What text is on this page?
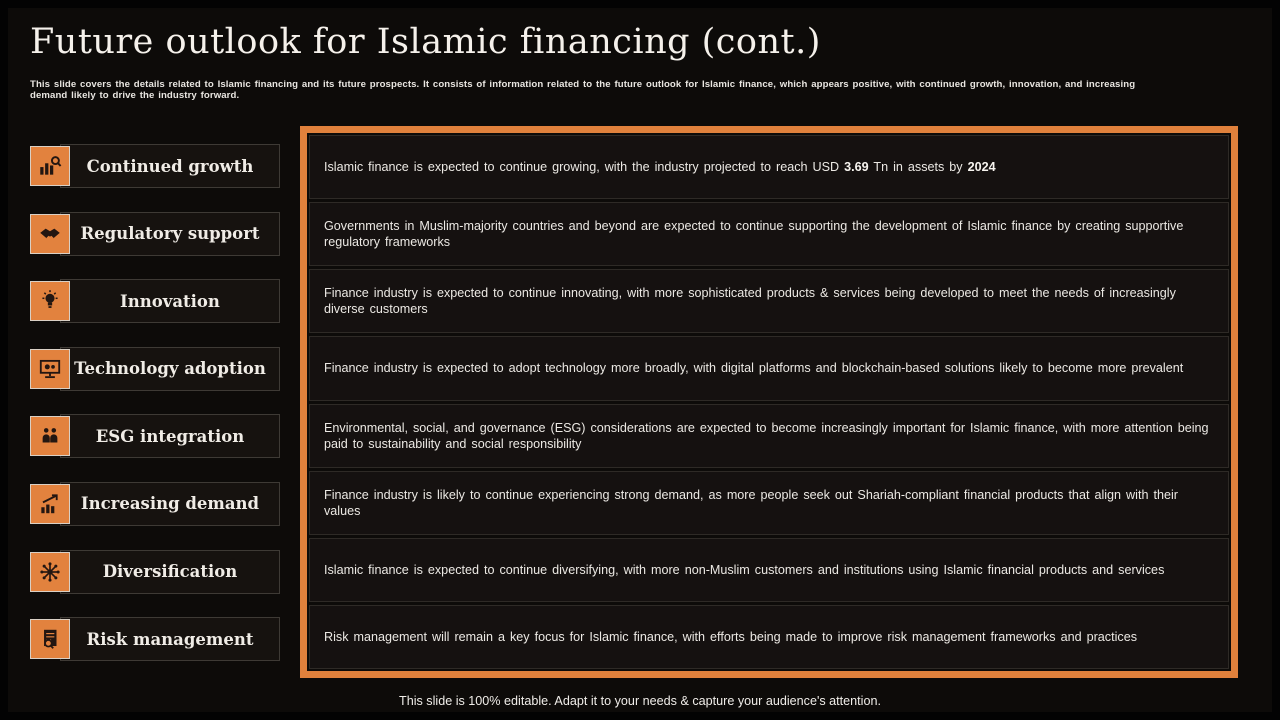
Future outlook for Islamic financing (cont.)

This slide covers the details related to Islamic financing and its future prospects. It consists of information related to the future outlook for Islamic finance, which appears positive, with continued growth, innovation, and increasing demand likely to drive the industry forward.

Continued growth
Regulatory support
Innovation
Technology adoption
ESG integration
Increasing demand
Diversification
Risk management

Islamic finance is expected to continue growing, with the industry projected to reach USD 3.69 Tn in assets by 2024

Governments in Muslim-majority countries and beyond are expected to continue supporting the development of Islamic finance by creating supportive regulatory frameworks

Finance industry is expected to continue innovating, with more sophisticated products & services being developed to meet the needs of increasingly diverse customers

Finance industry is expected to adopt technology more broadly, with digital platforms and blockchain-based solutions likely to become more prevalent

Environmental, social, and governance (ESG) considerations are expected to become increasingly important for Islamic finance, with more attention being paid to sustainability and social responsibility

Finance industry is likely to continue experiencing strong demand, as more people seek out Shariah-compliant financial products that align with their values

Islamic finance is expected to continue diversifying, with more non-Muslim customers and institutions using Islamic financial products and services

Risk management will remain a key focus for Islamic finance, with efforts being made to improve risk management frameworks and practices

This slide is 100% editable. Adapt it to your needs & capture your audience's attention.
